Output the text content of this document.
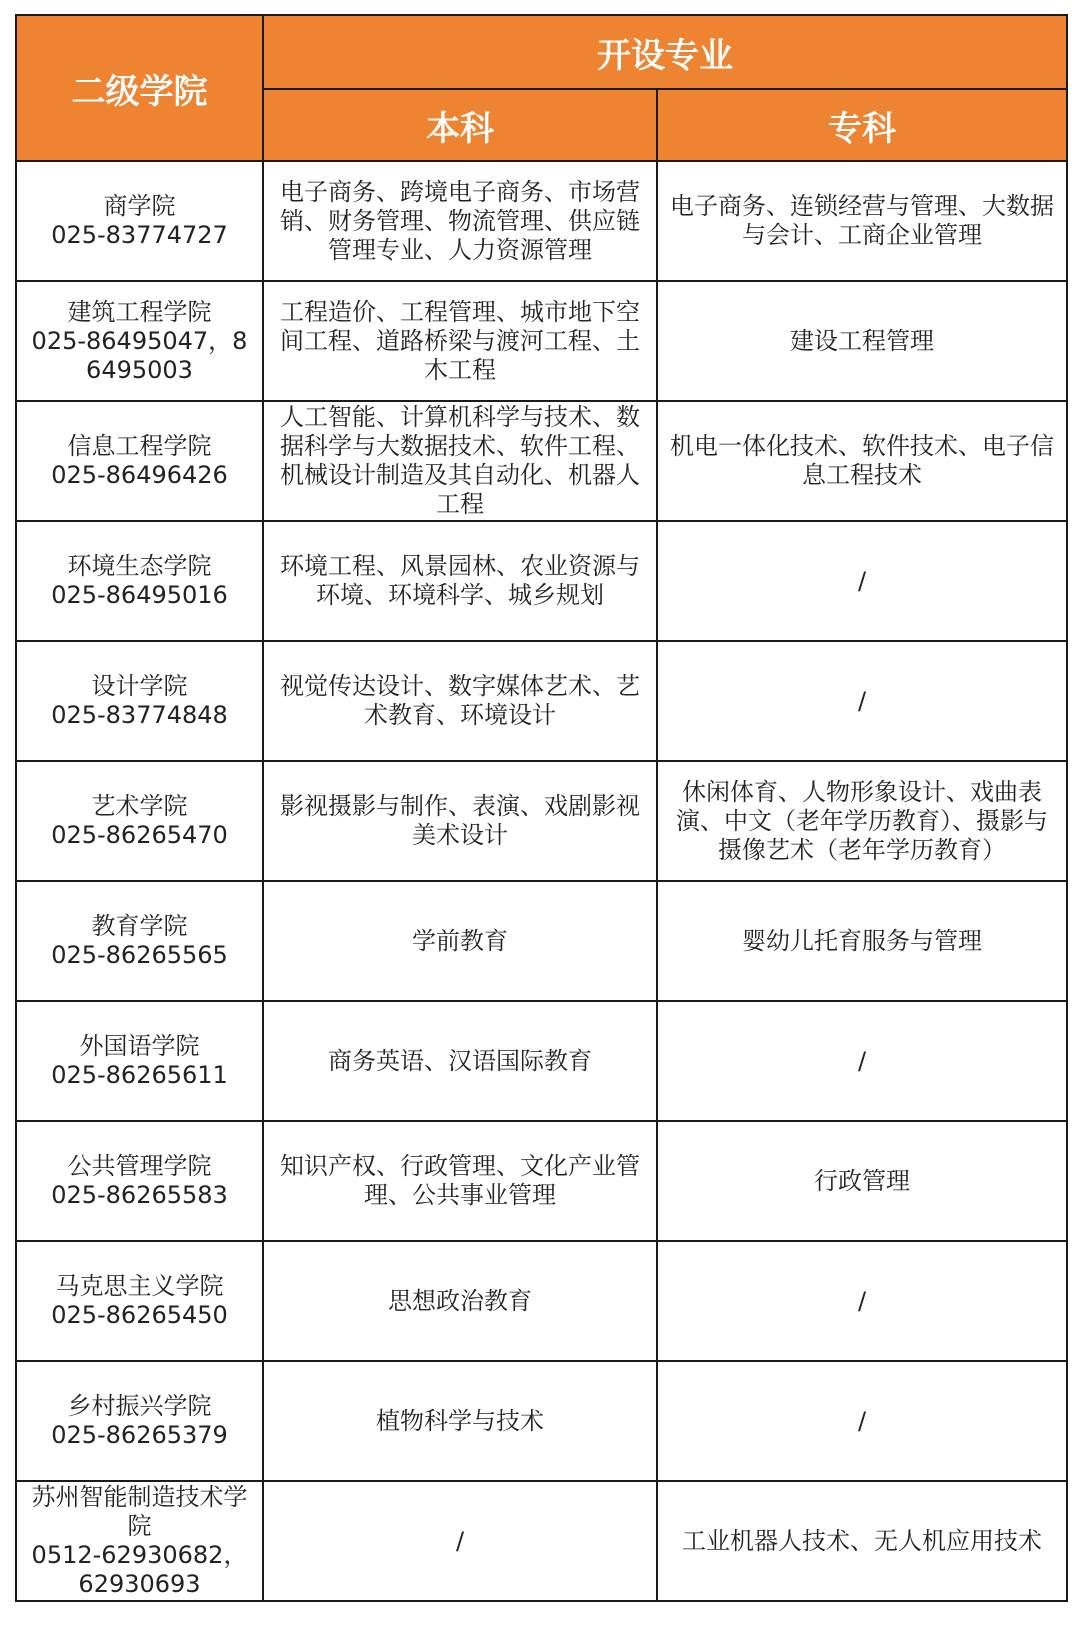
二级学院	开设专业	
	本科	专科

商学院
025-83774727	电子商务、跨境电子商务、市场营销、财务管理、物流管理、供应链管理专业、人力资源管理	电子商务、连锁经营与管理、大数据与会计、工商企业管理

建筑工程学院
025-86495047，86495003	工程造价、工程管理、城市地下空间工程、道路桥梁与渡河工程、土木工程	建设工程管理

信息工程学院
025-86496426	人工智能、计算机科学与技术、数据科学与大数据技术、软件工程、机械设计制造及其自动化、机器人工程	机电一体化技术、软件技术、电子信息工程技术

环境生态学院
025-86495016	环境工程、风景园林、农业资源与环境、环境科学、城乡规划	/

设计学院
025-83774848	视觉传达设计、数字媒体艺术、艺术教育、环境设计	/

艺术学院
025-86265470	影视摄影与制作、表演、戏剧影视美术设计	休闲体育、人物形象设计、戏曲表演、中文（老年学历教育）、摄影与摄像艺术（老年学历教育）

教育学院
025-86265565	学前教育	婴幼儿托育服务与管理

外国语学院
025-86265611	商务英语、汉语国际教育	/

公共管理学院
025-86265583	知识产权、行政管理、文化产业管理、公共事业管理	行政管理

马克思主义学院
025-86265450	思想政治教育	/

乡村振兴学院
025-86265379	植物科学与技术	/

苏州智能制造技术学院
0512-62930682，62930693	/	工业机器人技术、无人机应用技术
